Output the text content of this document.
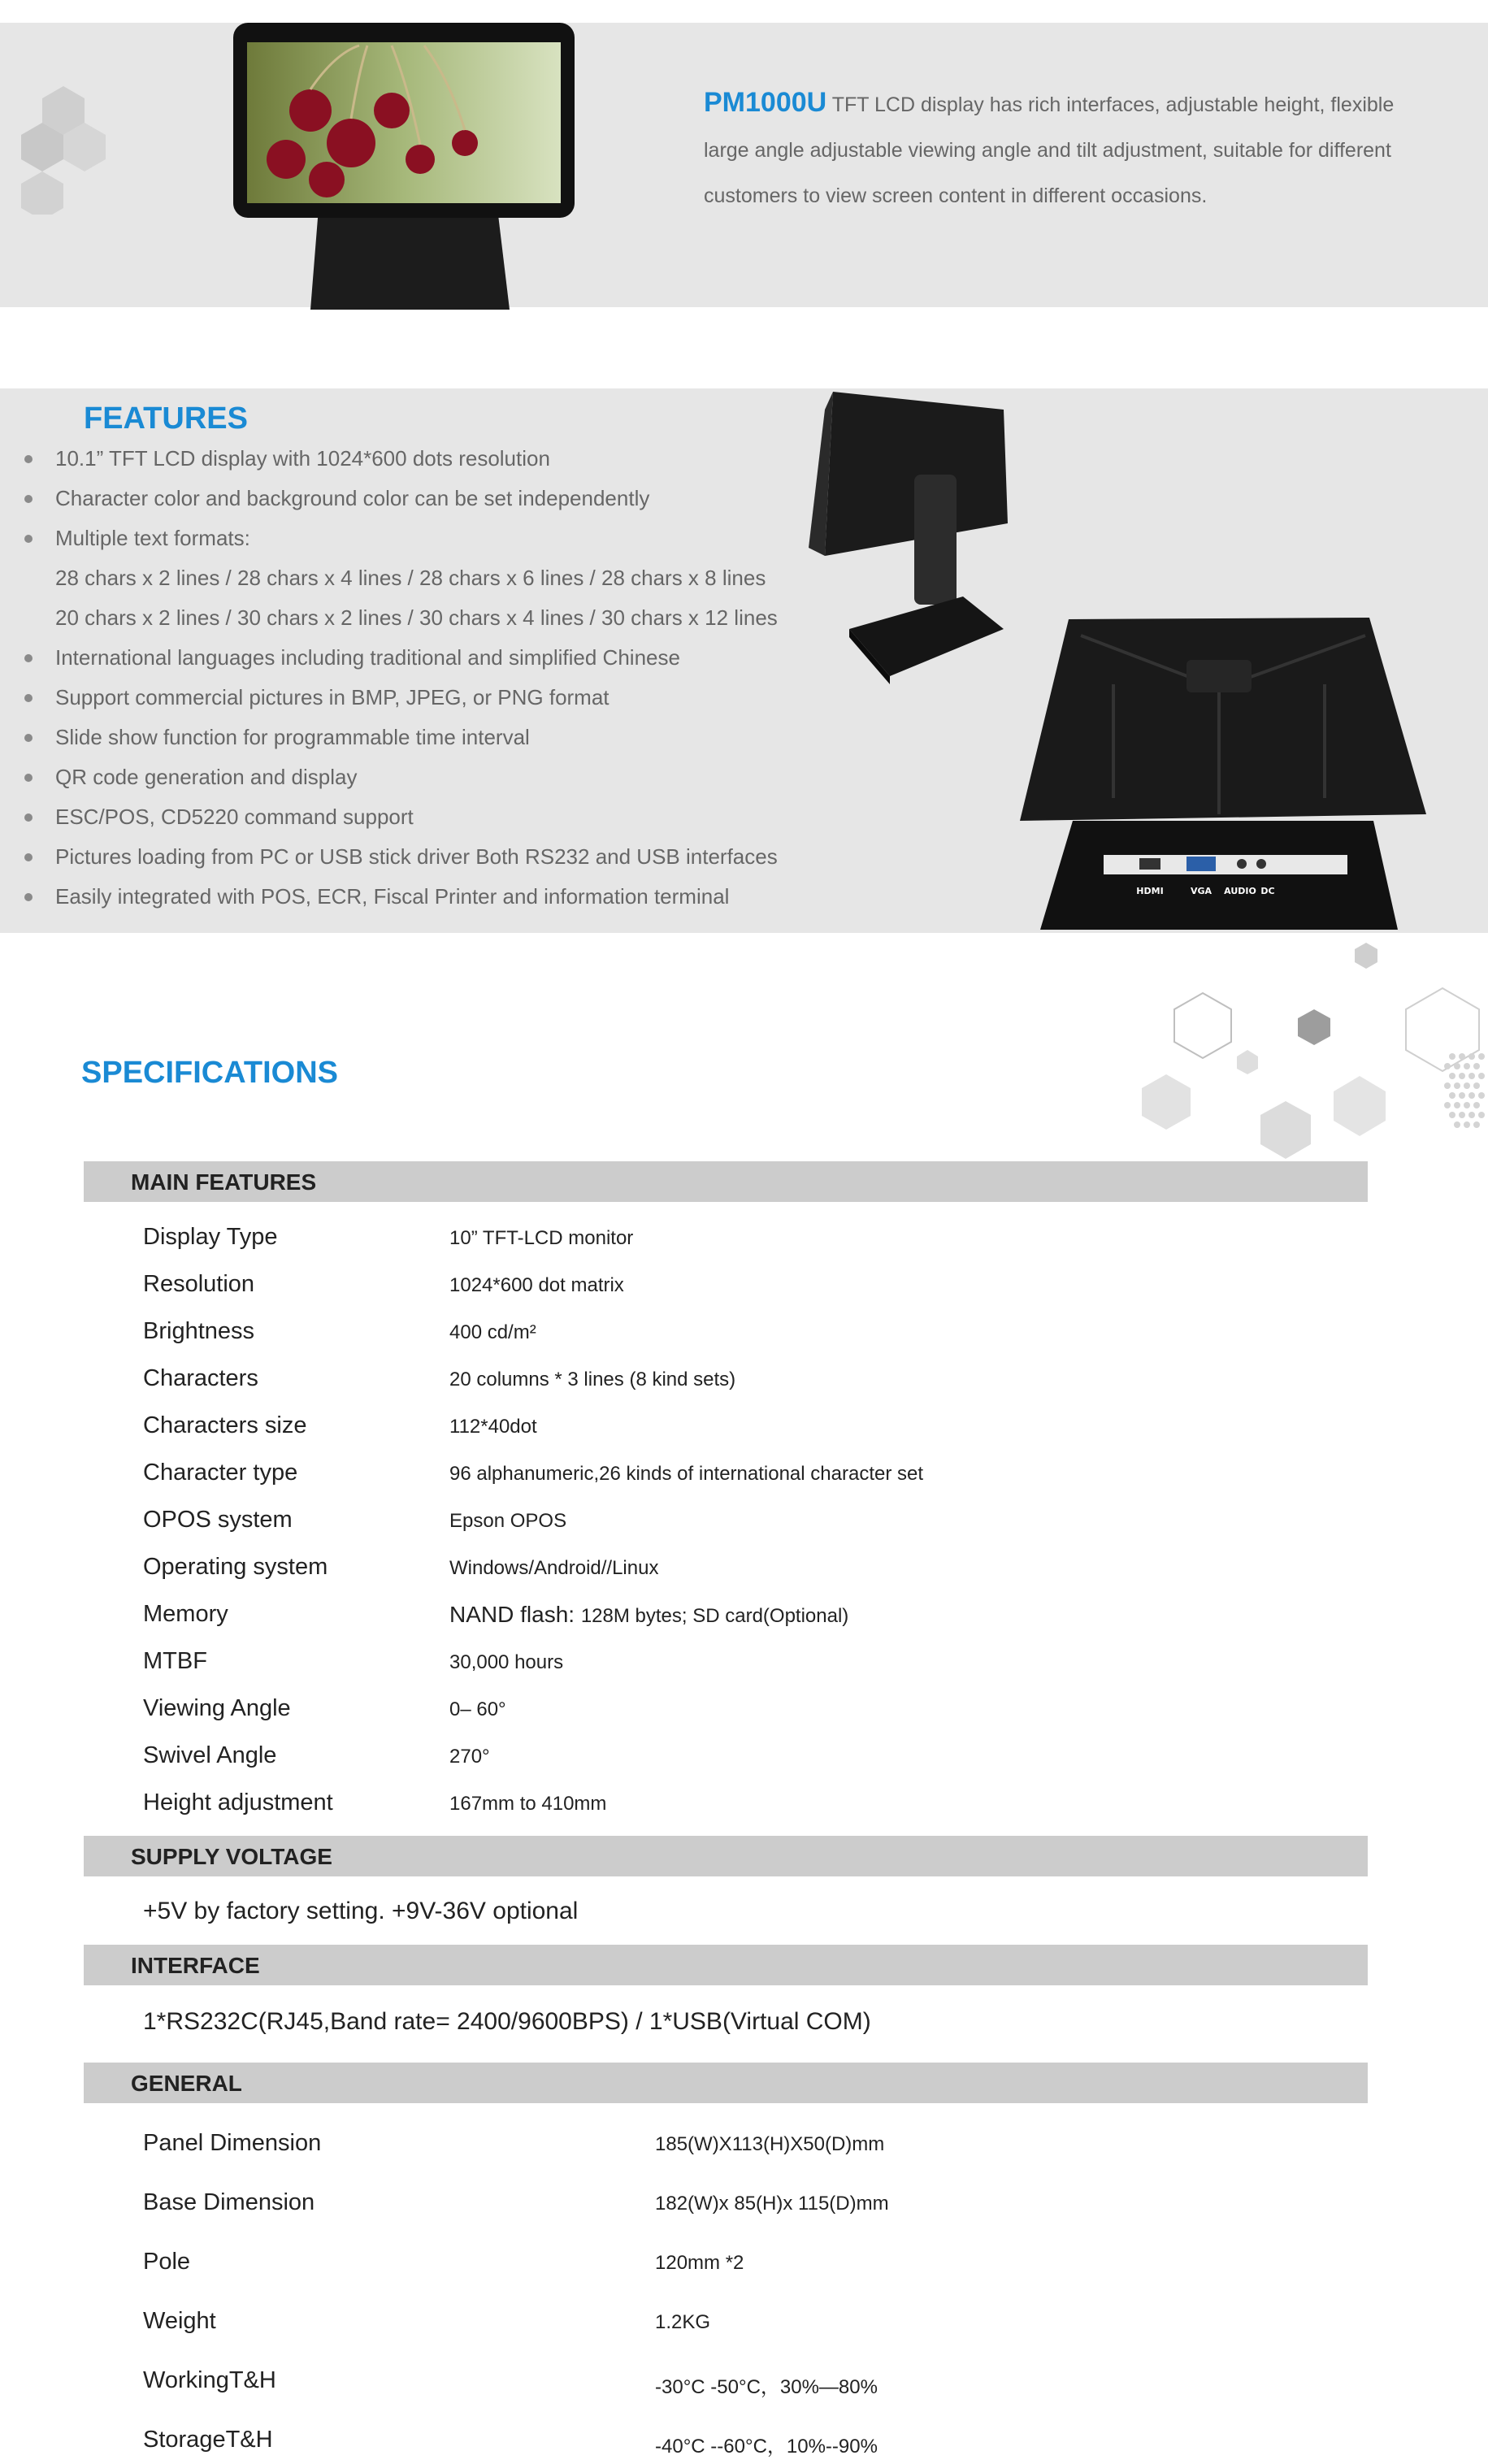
PM1000U TFT LCD display has rich interfaces, adjustable height, flexible
large angle adjustable viewing angle and tilt adjustment, suitable for different
customers to view screen content in different occasions.
FEATURES
10.1” TFT LCD display with 1024*600 dots resolution
Character color and background color can be set independently
Multiple text formats:
28 chars x 2 lines / 28 chars x 4 lines / 28 chars x 6 lines / 28 chars x 8 lines
20 chars x 2 lines / 30 chars x 2 lines / 30 chars x 4 lines / 30 chars x 12 lines
International languages including traditional and simplified Chinese
Support commercial pictures in BMP, JPEG, or PNG format
Slide show function for programmable time interval
QR code generation and display
ESC/POS, CD5220 command support
Pictures loading from PC or USB stick driver Both RS232 and USB interfaces
Easily integrated with POS, ECR, Fiscal Printer and information terminal	HDMI	VGA AUDIO DC
SPECIFICATIONS
MAIN FEATURES
Display Type	10” TFT-LCD monitor
Resolution	1024*600 dot matrix
Brightness	400 cd/m²
Characters	20 columns * 3 lines (8 kind sets)
Characters size	112*40dot
Character type	96 alphanumeric,26 kinds of international character set
OPOS system	Epson OPOS
Operating system	Windows/Android//Linux
Memory	NAND flash: 128M bytes; SD card(Optional)
MTBF	30,000 hours
Viewing Angle	0– 60°
Swivel Angle	270°
Height adjustment	167mm to 410mm
SUPPLY VOLTAGE
+5V by factory setting. +9V-36V optional
INTERFACE
1*RS232C(RJ45,Band rate= 2400/9600BPS) / 1*USB(Virtual COM)
GENERAL
Panel Dimension	185(W)X113(H)X50(D)mm
Base Dimension	182(W)x 85(H)x 115(D)mm
Pole	120mm *2
Weight	1.2KG
WorkingT&H	-30°C -50°C，30%—80%
StorageT&H	-40°C --60°C，10%--90%
